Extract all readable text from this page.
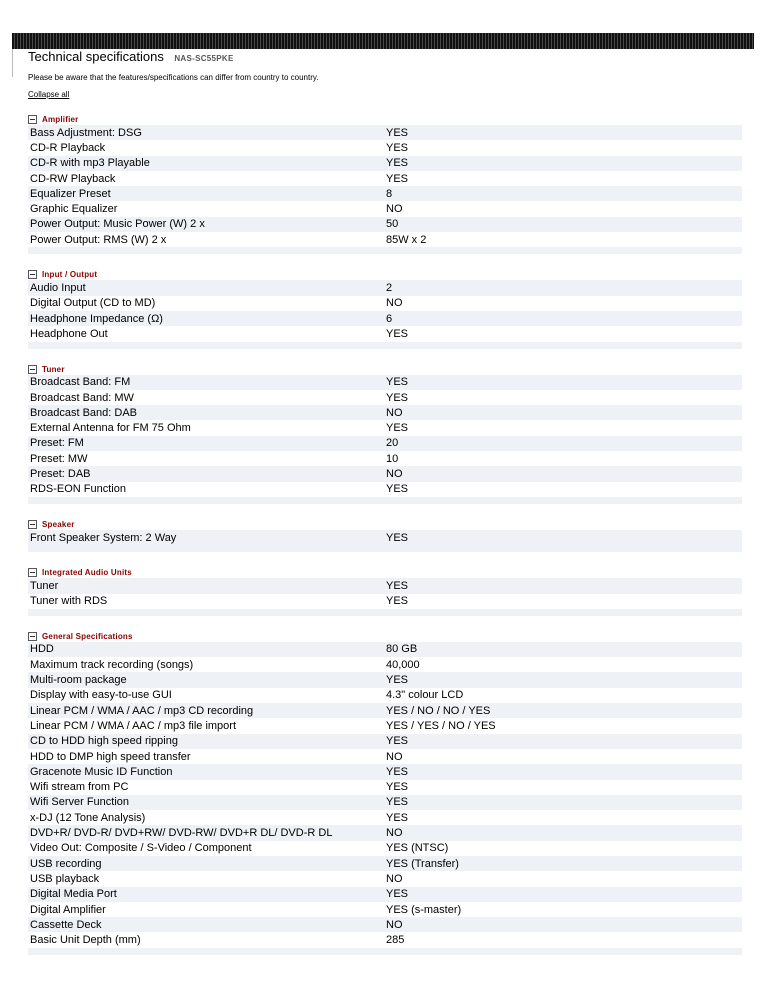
Technical specifications NAS-SC55PKE
Please be aware that the features/specifications can differ from country to country.
Collapse all
Amplifier
Bass Adjustment: DSG	YES
CD-R Playback	YES
CD-R with mp3 Playable	YES
CD-RW Playback	YES
Equalizer Preset	8
Graphic Equalizer	NO
Power Output: Music Power (W) 2 x	50
Power Output: RMS (W) 2 x	85W x 2
Input / Output
Audio Input	2
Digital Output (CD to MD)	NO
Headphone Impedance (Ω)	6
Headphone Out	YES
Tuner
Broadcast Band: FM	YES
Broadcast Band: MW	YES
Broadcast Band: DAB	NO
External Antenna for FM 75 Ohm	YES
Preset: FM	20
Preset: MW	10
Preset: DAB	NO
RDS-EON Function	YES
Speaker
Front Speaker System: 2 Way	YES
Integrated Audio Units
Tuner	YES
Tuner with RDS	YES
General Specifications
HDD	80 GB
Maximum track recording (songs)	40,000
Multi-room package	YES
Display with easy-to-use GUI	4.3" colour LCD
Linear PCM / WMA / AAC / mp3 CD recording	YES / NO / NO / YES
Linear PCM / WMA / AAC / mp3 file import	YES / YES / NO / YES
CD to HDD high speed ripping	YES
HDD to DMP high speed transfer	NO
Gracenote Music ID Function	YES
Wifi stream from PC	YES
Wifi Server Function	YES
x-DJ (12 Tone Analysis)	YES
DVD+R/ DVD-R/ DVD+RW/ DVD-RW/ DVD+R DL/ DVD-R DL	NO
Video Out: Composite / S-Video / Component	YES (NTSC)
USB recording	YES (Transfer)
USB playback	NO
Digital Media Port	YES
Digital Amplifier	YES (s-master)
Cassette Deck	NO
Basic Unit Depth (mm)	285
